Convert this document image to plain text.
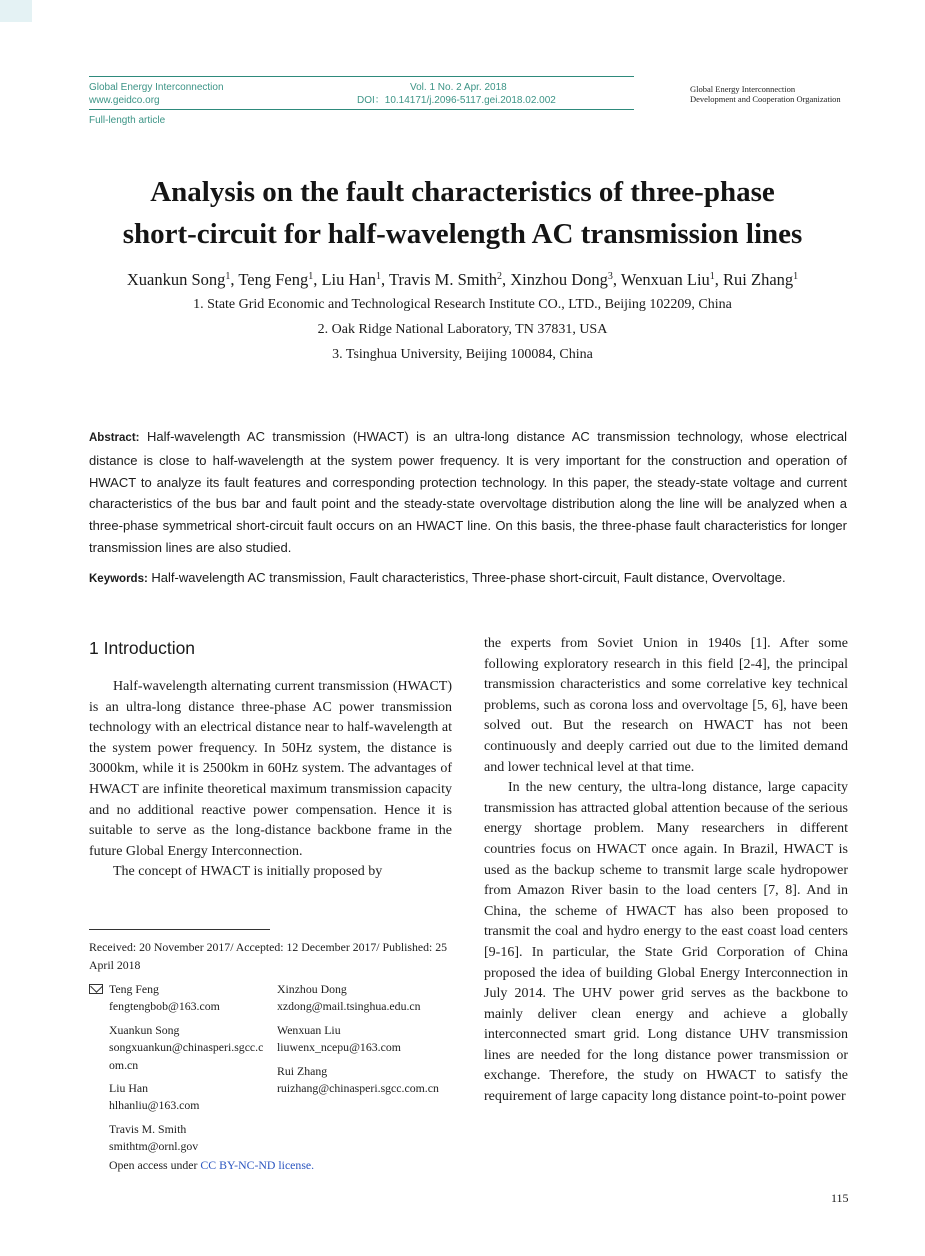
Global Energy Interconnection	Vol. 1 No. 2 Apr. 2018
www.geidco.org	DOI：10.14171/j.2096-5117.gei.2018.02.002
Full-length article
Global Energy Interconnection
Development and Cooperation Organization
Analysis on the fault characteristics of three-phase
short-circuit for half-wavelength AC transmission lines
Xuankun Song$^1$, Teng Feng$^1$, Liu Han$^1$, Travis M. Smith$^2$, Xinzhou Dong$^3$, Wenxuan Liu$^1$, Rui Zhang$^1$
1. State Grid Economic and Technological Research Institute CO., LTD., Beijing 102209, China
2. Oak Ridge National Laboratory, TN 37831, USA
3. Tsinghua University, Beijing 100084, China
Abstract: Half-wavelength AC transmission (HWACT) is an ultra-long distance AC transmission technology, whose electrical distance is close to half-wavelength at the system power frequency. It is very important for the construction and operation of HWACT to analyze its fault features and corresponding protection technology. In this paper, the steady-state voltage and current characteristics of the bus bar and fault point and the steady-state overvoltage distribution along the line will be analyzed when a three-phase symmetrical short-circuit fault occurs on an HWACT line. On this basis, the three-phase fault characteristics for longer transmission lines are also studied.
Keywords: Half-wavelength AC transmission, Fault characteristics, Three-phase short-circuit, Fault distance, Overvoltage.
1 Introduction

Half-wavelength alternating current transmission (HWACT) is an ultra-long distance three-phase AC power transmission technology with an electrical distance near to half-wavelength at the system power frequency. In 50Hz system, the distance is 3000km, while it is 2500km in 60Hz system. The advantages of HWACT are infinite theoretical maximum transmission capacity and no additional reactive power compensation. Hence it is suitable to serve as the long-distance backbone frame in the future Global Energy Interconnection.

The concept of HWACT is initially proposed by

the experts from Soviet Union in 1940s [1]. After some following exploratory research in this field [2-4], the principal transmission characteristics and some correlative key technical problems, such as corona loss and overvoltage [5, 6], have been solved out. But the research on HWACT has not been continuously and deeply carried out due to the limited demand and lower technical level at that time.

In the new century, the ultra-long distance, large capacity transmission has attracted global attention because of the serious energy shortage problem. Many researchers in different countries focus on HWACT once again. In Brazil, HWACT is used as the backup scheme to transmit large scale hydropower from Amazon River basin to the load centers [7, 8]. And in China, the scheme of HWACT has also been proposed to transmit the coal and hydro energy to the east coast load centers [9-16]. In particular, the State Grid Corporation of China proposed the idea of building Global Energy Interconnection in July 2014. The UHV power grid serves as the backbone to mainly deliver clean energy and achieve a globally interconnected smart grid. Long distance UHV transmission lines are needed for the long distance power transmission or exchange. Therefore, the study on HWACT to satisfy the requirement of large capacity long distance point-to-point power

Received: 20 November 2017/ Accepted: 12 December 2017/ Published: 25 April 2018
Teng Feng
fengtengbob@163.com
Xuankun Song
songxuankun@chinasperi.sgcc.com.cn
Liu Han
hlhanliu@163.com
Travis M. Smith
smithtm@ornl.gov
Xinzhou Dong
xzdong@mail.tsinghua.edu.cn
Wenxuan Liu
liuwenx_ncepu@163.com
Rui Zhang
ruizhang@chinasperi.sgcc.com.cn
Open access under CC BY-NC-ND license.
115
